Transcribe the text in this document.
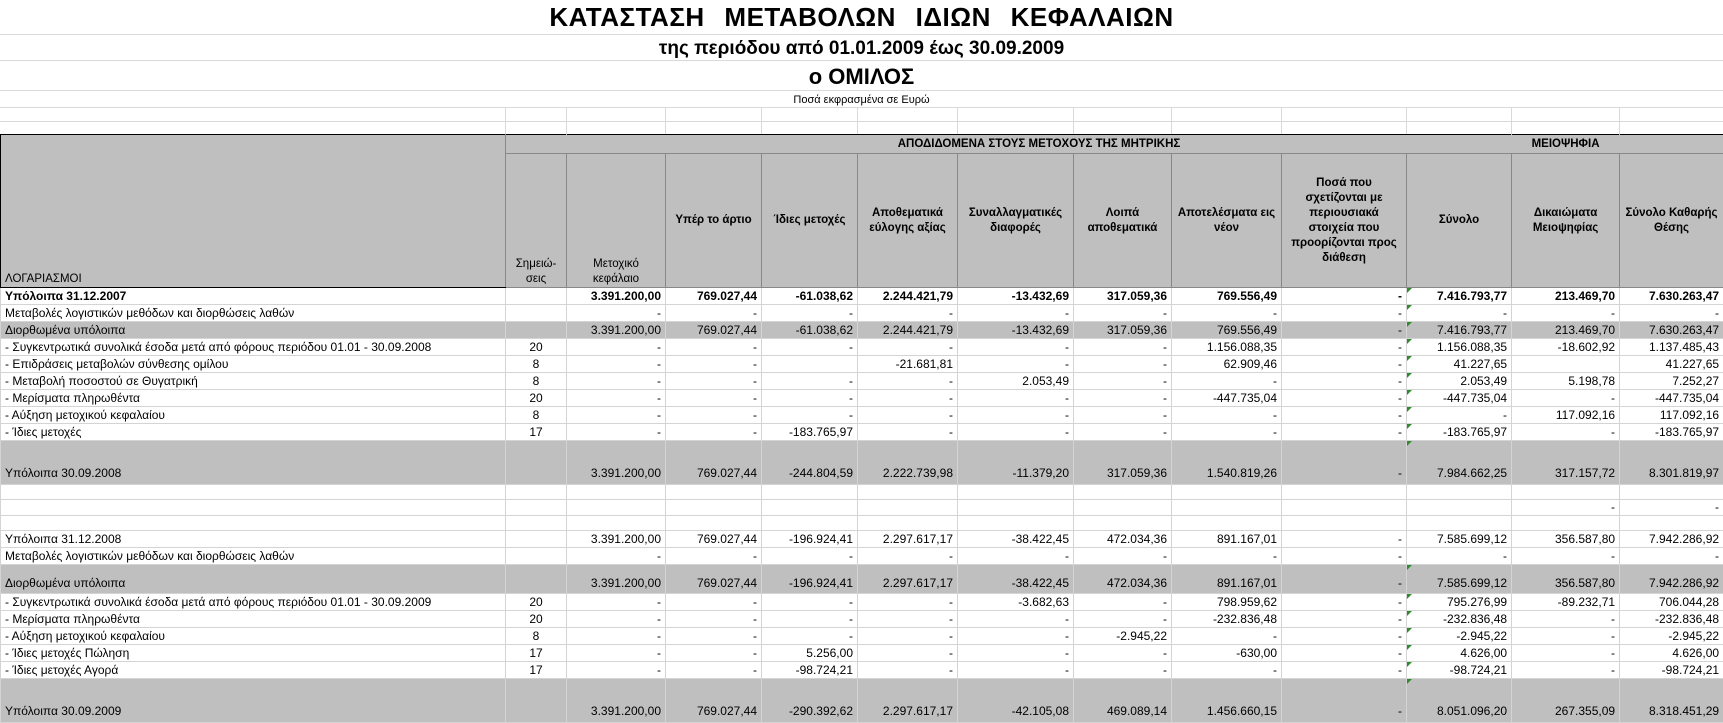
ΚΑΤΑΣΤΑΣΗ ΜΕΤΑΒΟΛΩΝ ΙΔΙΩΝ ΚΕΦΑΛΑΙΩΝ
της περιόδου από 01.01.2009 έως 30.09.2009
ο ΟΜΙΛΟΣ
Ποσά εκφρασμένα σε Ευρώ
ΛΟΓΑΡΙΑΣΜΟΙ		ΑΠΟΔΙΔΟΜΕΝΑ ΣΤΟΥΣ ΜΕΤΟΧΟΥΣ ΤΗΣ ΜΗΤΡΙΚΗΣ									ΜΕΙΟΨΗΦΙΑ	
	Σημειώ-σεις	Μετοχικό κεφάλαιο	Υπέρ το άρτιο	Ίδιες μετοχές	Αποθεματικά εύλογης αξίας	Συναλλαγματικές διαφορές	Λοιπά αποθεματικά	Αποτελέσματα εις νέον	Ποσά που σχετίζονται με περιουσιακά στοιχεία που προορίζονται προς διάθεση	Σύνολο	Δικαιώματα Μειοψηφίας	Σύνολο Καθαρής Θέσης
Υπόλοιπα 31.12.2007		3.391.200,00	769.027,44	-61.038,62	2.244.421,79	-13.432,69	317.059,36	769.556,49	-	7.416.793,77	213.469,70	7.630.263,47
Μεταβολές λογιστικών μεθόδων και διορθώσεις λαθών		-	-	-	-	-	-	-	-	-	-	-
Διορθωμένα υπόλοιπα		3.391.200,00	769.027,44	-61.038,62	2.244.421,79	-13.432,69	317.059,36	769.556,49	-	7.416.793,77	213.469,70	7.630.263,47
- Συγκεντρωτικά συνολικά έσοδα μετά από φόρους περιόδου 01.01 - 30.09.2008	20	-	-	-	-	-	-	1.156.088,35	-	1.156.088,35	-18.602,92	1.137.485,43
- Επιδράσεις μεταβολών σύνθεσης ομίλου	8	-	-		-21.681,81	-	-	62.909,46	-	41.227,65		41.227,65
- Μεταβολή ποσοστού σε Θυγατρική	8	-	-	-	-	2.053,49	-	-	-	2.053,49	5.198,78	7.252,27
- Μερίσματα πληρωθέντα	20	-	-	-	-	-	-	-447.735,04	-	-447.735,04	-	-447.735,04
- Αύξηση μετοχικού κεφαλαίου	8	-	-	-	-	-	-	-	-	-	117.092,16	117.092,16
- Ίδιες μετοχές	17	-	-	-183.765,97	-	-	-	-	-	-183.765,97	-	-183.765,97
Υπόλοιπα 30.09.2008		3.391.200,00	769.027,44	-244.804,59	2.222.739,98	-11.379,20	317.059,36	1.540.819,26	-	7.984.662,25	317.157,72	8.301.819,97

											-	-

Υπόλοιπα 31.12.2008		3.391.200,00	769.027,44	-196.924,41	2.297.617,17	-38.422,45	472.034,36	891.167,01	-	7.585.699,12	356.587,80	7.942.286,92
Μεταβολές λογιστικών μεθόδων και διορθώσεις λαθών		-	-	-	-	-	-	-	-	-	-	-
Διορθωμένα υπόλοιπα		3.391.200,00	769.027,44	-196.924,41	2.297.617,17	-38.422,45	472.034,36	891.167,01	-	7.585.699,12	356.587,80	7.942.286,92
- Συγκεντρωτικά συνολικά έσοδα μετά από φόρους περιόδου 01.01 - 30.09.2009	20	-	-	-	-	-3.682,63	-	798.959,62	-	795.276,99	-89.232,71	706.044,28
- Μερίσματα πληρωθέντα	20	-	-	-	-	-	-	-232.836,48	-	-232.836,48	-	-232.836,48
- Αύξηση μετοχικού κεφαλαίου	8	-	-	-	-	-	-2.945,22	-	-	-2.945,22	-	-2.945,22
- Ίδιες μετοχές Πώληση	17	-	-	5.256,00	-	-	-	-630,00	-	4.626,00	-	4.626,00
- Ίδιες μετοχές Αγορά	17	-	-	-98.724,21	-	-	-	-	-	-98.724,21	-	-98.724,21
Υπόλοιπα 30.09.2009		3.391.200,00	769.027,44	-290.392,62	2.297.617,17	-42.105,08	469.089,14	1.456.660,15	-	8.051.096,20	267.355,09	8.318.451,29
